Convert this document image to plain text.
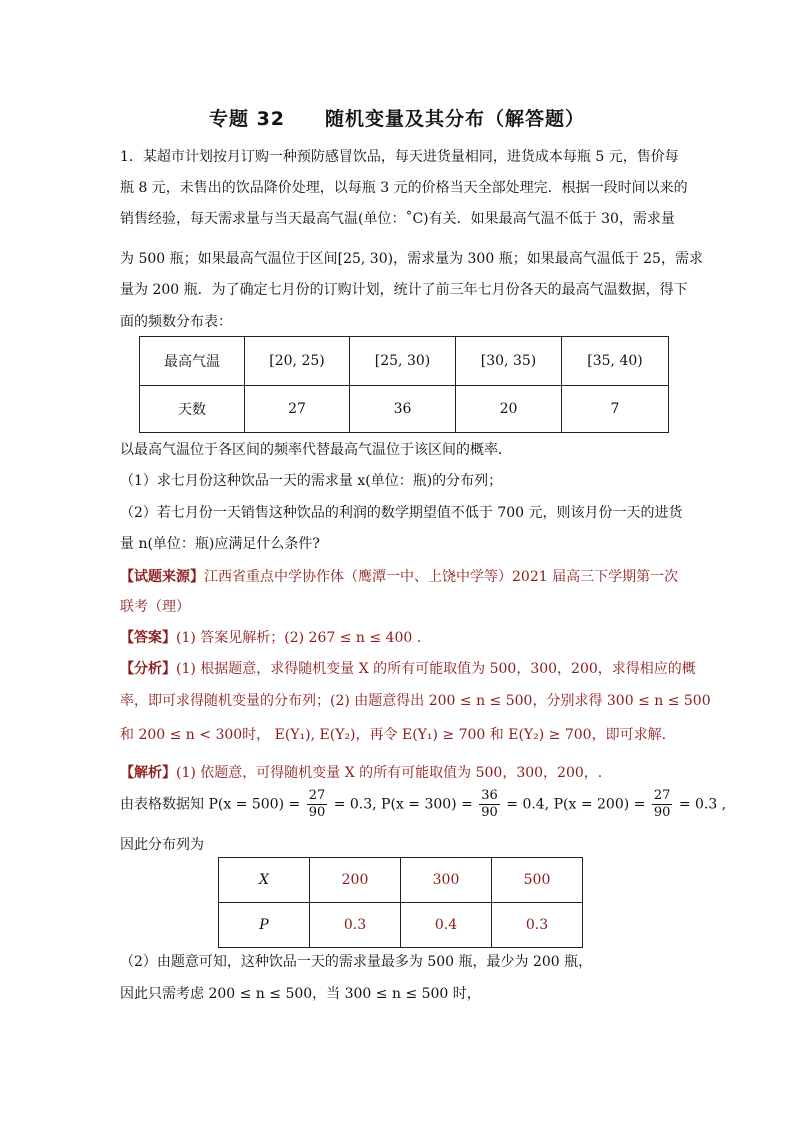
专题 32　　随机变量及其分布（解答题）
1．某超市计划按月订购一种预防感冒饮品，每天进货量相同，进货成本每瓶 5 元，售价每
瓶 8 元，未售出的饮品降价处理，以每瓶 3 元的价格当天全部处理完．根据一段时间以来的
销售经验，每天需求量与当天最高气温(单位：˚C)有关．如果最高气温不低于 30，需求量
为 500 瓶；如果最高气温位于区间[25, 30)，需求量为 300 瓶；如果最高气温低于 25，需求
量为 200 瓶．为了确定七月份的订购计划，统计了前三年七月份各天的最高气温数据，得下
面的频数分布表：
最高气温	[20, 25)	[25, 30)	[30, 35)	[35, 40)
天数	27	36	20	7
以最高气温位于各区间的频率代替最高气温位于该区间的概率．
（1）求七月份这种饮品一天的需求量 x(单位：瓶)的分布列；
（2）若七月份一天销售这种饮品的利润的数学期望值不低于 700 元，则该月份一天的进货
量 n(单位：瓶)应满足什么条件?
【试题来源】江西省重点中学协作体（鹰潭一中、上饶中学等）2021 届高三下学期第一次
联考（理）
【答案】(1) 答案见解析；(2) 267 ≤ n ≤ 400 .
【分析】(1) 根据题意，求得随机变量 X 的所有可能取值为 500，300，200，求得相应的概
率，即可求得随机变量的分布列；(2) 由题意得出 200 ≤ n ≤ 500，分别求得 300 ≤ n ≤ 500
和 200 ≤ n < 300时， E(Y₁), E(Y₂)，再令 E(Y₁) ≥ 700 和 E(Y₂) ≥ 700，即可求解.
【解析】(1) 依题意，可得随机变量 X 的所有可能取值为 500，300，200，.
由表格数据知 $P(x = 500) = \frac{27}{90} = 0.3$, $P(x = 300) = \frac{36}{90} = 0.4$, $P(x = 200) = \frac{27}{90} = 0.3$ ,
因此分布列为
X	200	300	500
P	0.3	0.4	0.3
（2）由题意可知，这种饮品一天的需求量最多为 500 瓶，最少为 200 瓶，
因此只需考虑 200 ≤ n ≤ 500，当 300 ≤ n ≤ 500 时，
